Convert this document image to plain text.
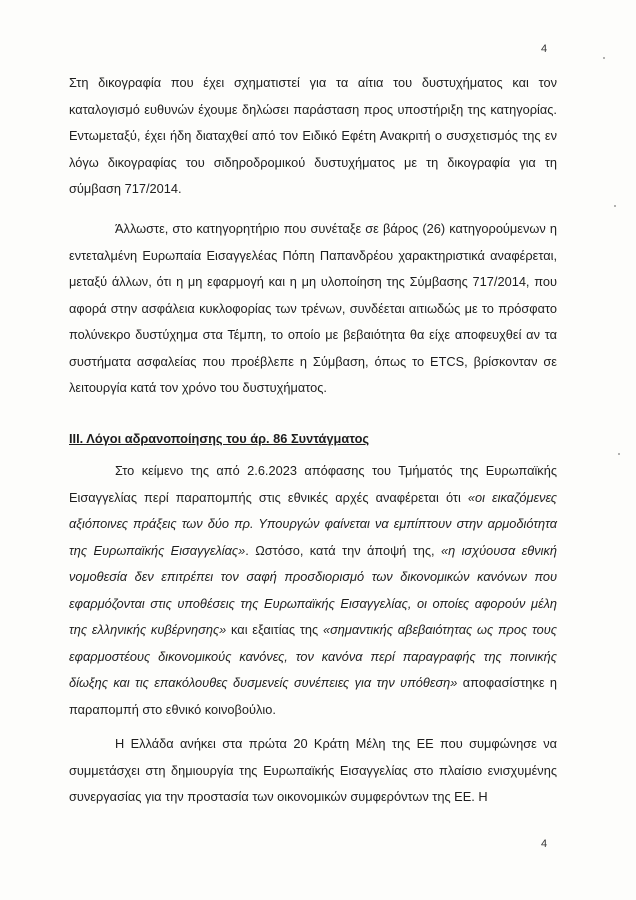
4

Στη δικογραφία που έχει σχηματιστεί για τα αίτια του δυστυχήματος και τον καταλογισμό ευθυνών έχουμε δηλώσει παράσταση προς υποστήριξη της κατηγορίας. Εντωμεταξύ, έχει ήδη διαταχθεί από τον Ειδικό Εφέτη Ανακριτή ο συσχετισμός της εν λόγω δικογραφίας του σιδηροδρομικού δυστυχήματος με τη δικογραφία για τη σύμβαση 717/2014.

Άλλωστε, στο κατηγορητήριο που συνέταξε σε βάρος (26) κατηγορούμενων η εντεταλμένη Ευρωπαία Εισαγγελέας Πόπη Παπανδρέου χαρακτηριστικά αναφέρεται, μεταξύ άλλων, ότι η μη εφαρμογή και η μη υλοποίηση της Σύμβασης 717/2014, που αφορά στην ασφάλεια κυκλοφορίας των τρένων, συνδέεται αιτιωδώς με το πρόσφατο πολύνεκρο δυστύχημα στα Τέμπη, το οποίο με βεβαιότητα θα είχε αποφευχθεί αν τα συστήματα ασφαλείας που προέβλεπε η Σύμβαση, όπως το ETCS, βρίσκονταν σε λειτουργία κατά τον χρόνο του δυστυχήματος.

ΙΙΙ. Λόγοι αδρανοποίησης του άρ. 86 Συντάγματος

Στο κείμενο της από 2.6.2023 απόφασης του Τμήματός της Ευρωπαϊκής Εισαγγελίας περί παραπομπής στις εθνικές αρχές αναφέρεται ότι «οι εικαζόμενες αξιόποινες πράξεις των δύο πρ. Υπουργών φαίνεται να εμπίπτουν στην αρμοδιότητα της Ευρωπαϊκής Εισαγγελίας». Ωστόσο, κατά την άποψή της, «η ισχύουσα εθνική νομοθεσία δεν επιτρέπει τον σαφή προσδιορισμό των δικονομικών κανόνων που εφαρμόζονται στις υποθέσεις της Ευρωπαϊκής Εισαγγελίας, οι οποίες αφορούν μέλη της ελληνικής κυβέρνησης» και εξαιτίας της «σημαντικής αβεβαιότητας ως προς τους εφαρμοστέους δικονομικούς κανόνες, τον κανόνα περί παραγραφής της ποινικής δίωξης και τις επακόλουθες δυσμενείς συνέπειες για την υπόθεση» αποφασίστηκε η παραπομπή στο εθνικό κοινοβούλιο.

Η Ελλάδα ανήκει στα πρώτα 20 Κράτη Μέλη της ΕΕ που συμφώνησε να συμμετάσχει στη δημιουργία της Ευρωπαϊκής Εισαγγελίας στο πλαίσιο ενισχυμένης συνεργασίας για την προστασία των οικονομικών συμφερόντων της ΕΕ. Η

4
